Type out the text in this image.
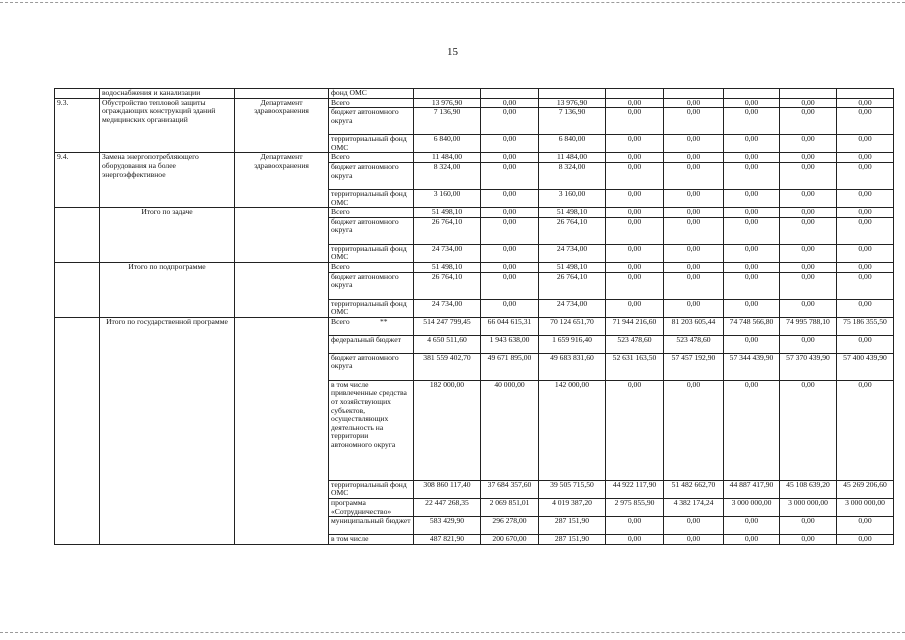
15
	водоснабжения и канализации		фонд ОМС								
9.3.	Обустройство тепловой защиты ограждающих конструкций зданий медицинских организаций	Департамент здравоохранения	Всего	13 976,90	0,00	13 976,90	0,00	0,00	0,00	0,00	0,00
			бюджет автономного округа	7 136,90	0,00	7 136,90	0,00	0,00	0,00	0,00	0,00
			территориальный фонд ОМС	6 840,00	0,00	6 840,00	0,00	0,00	0,00	0,00	0,00
9.4.	Замена энергопотребляющего оборудования на более энергоэффективное	Департамент здравоохранения	Всего	11 484,00	0,00	11 484,00	0,00	0,00	0,00	0,00	0,00
			бюджет автономного округа	8 324,00	0,00	8 324,00	0,00	0,00	0,00	0,00	0,00
			территориальный фонд ОМС	3 160,00	0,00	3 160,00	0,00	0,00	0,00	0,00	0,00
	Итого по задаче		Всего	51 498,10	0,00	51 498,10	0,00	0,00	0,00	0,00	0,00
			бюджет автономного округа	26 764,10	0,00	26 764,10	0,00	0,00	0,00	0,00	0,00
			территориальный фонд ОМС	24 734,00	0,00	24 734,00	0,00	0,00	0,00	0,00	0,00
	Итого по подпрограмме		Всего	51 498,10	0,00	51 498,10	0,00	0,00	0,00	0,00	0,00
			бюджет автономного округа	26 764,10	0,00	26 764,10	0,00	0,00	0,00	0,00	0,00
			территориальный фонд ОМС	24 734,00	0,00	24 734,00	0,00	0,00	0,00	0,00	0,00
	Итого по государственной программе		Всего                **	514 247 799,45	66 044 615,31	70 124 651,70	71 944 216,60	81 203 605,44	74 748 566,80	74 995 788,10	75 186 355,50
			федеральный бюджет	4 650 511,60	1 943 638,00	1 659 916,40	523 478,60	523 478,60	0,00	0,00	0,00
			бюджет автономного округа	381 559 402,70	49 671 895,00	49 683 831,60	52 631 163,50	57 457 192,90	57 344 439,90	57 370 439,90	57 400 439,90
			в том числе привлеченные средства от хозяйствующих субъектов, осуществляющих деятельность на территории автономного округа	182 000,00	40 000,00	142 000,00	0,00	0,00	0,00	0,00	0,00
			территориальный фонд ОМС	308 860 117,40	37 684 357,60	39 505 715,50	44 922 117,90	51 482 662,70	44 887 417,90	45 108 639,20	45 269 206,60
			программа «Сотрудничество»	22 447 268,35	2 069 851,01	4 019 387,20	2 975 855,90	4 382 174,24	3 000 000,00	3 000 000,00	3 000 000,00
			муниципальный бюджет	583 429,90	296 278,00	287 151,90	0,00	0,00	0,00	0,00	0,00
			в том числе	487 821,90	200 670,00	287 151,90	0,00	0,00	0,00	0,00	0,00
